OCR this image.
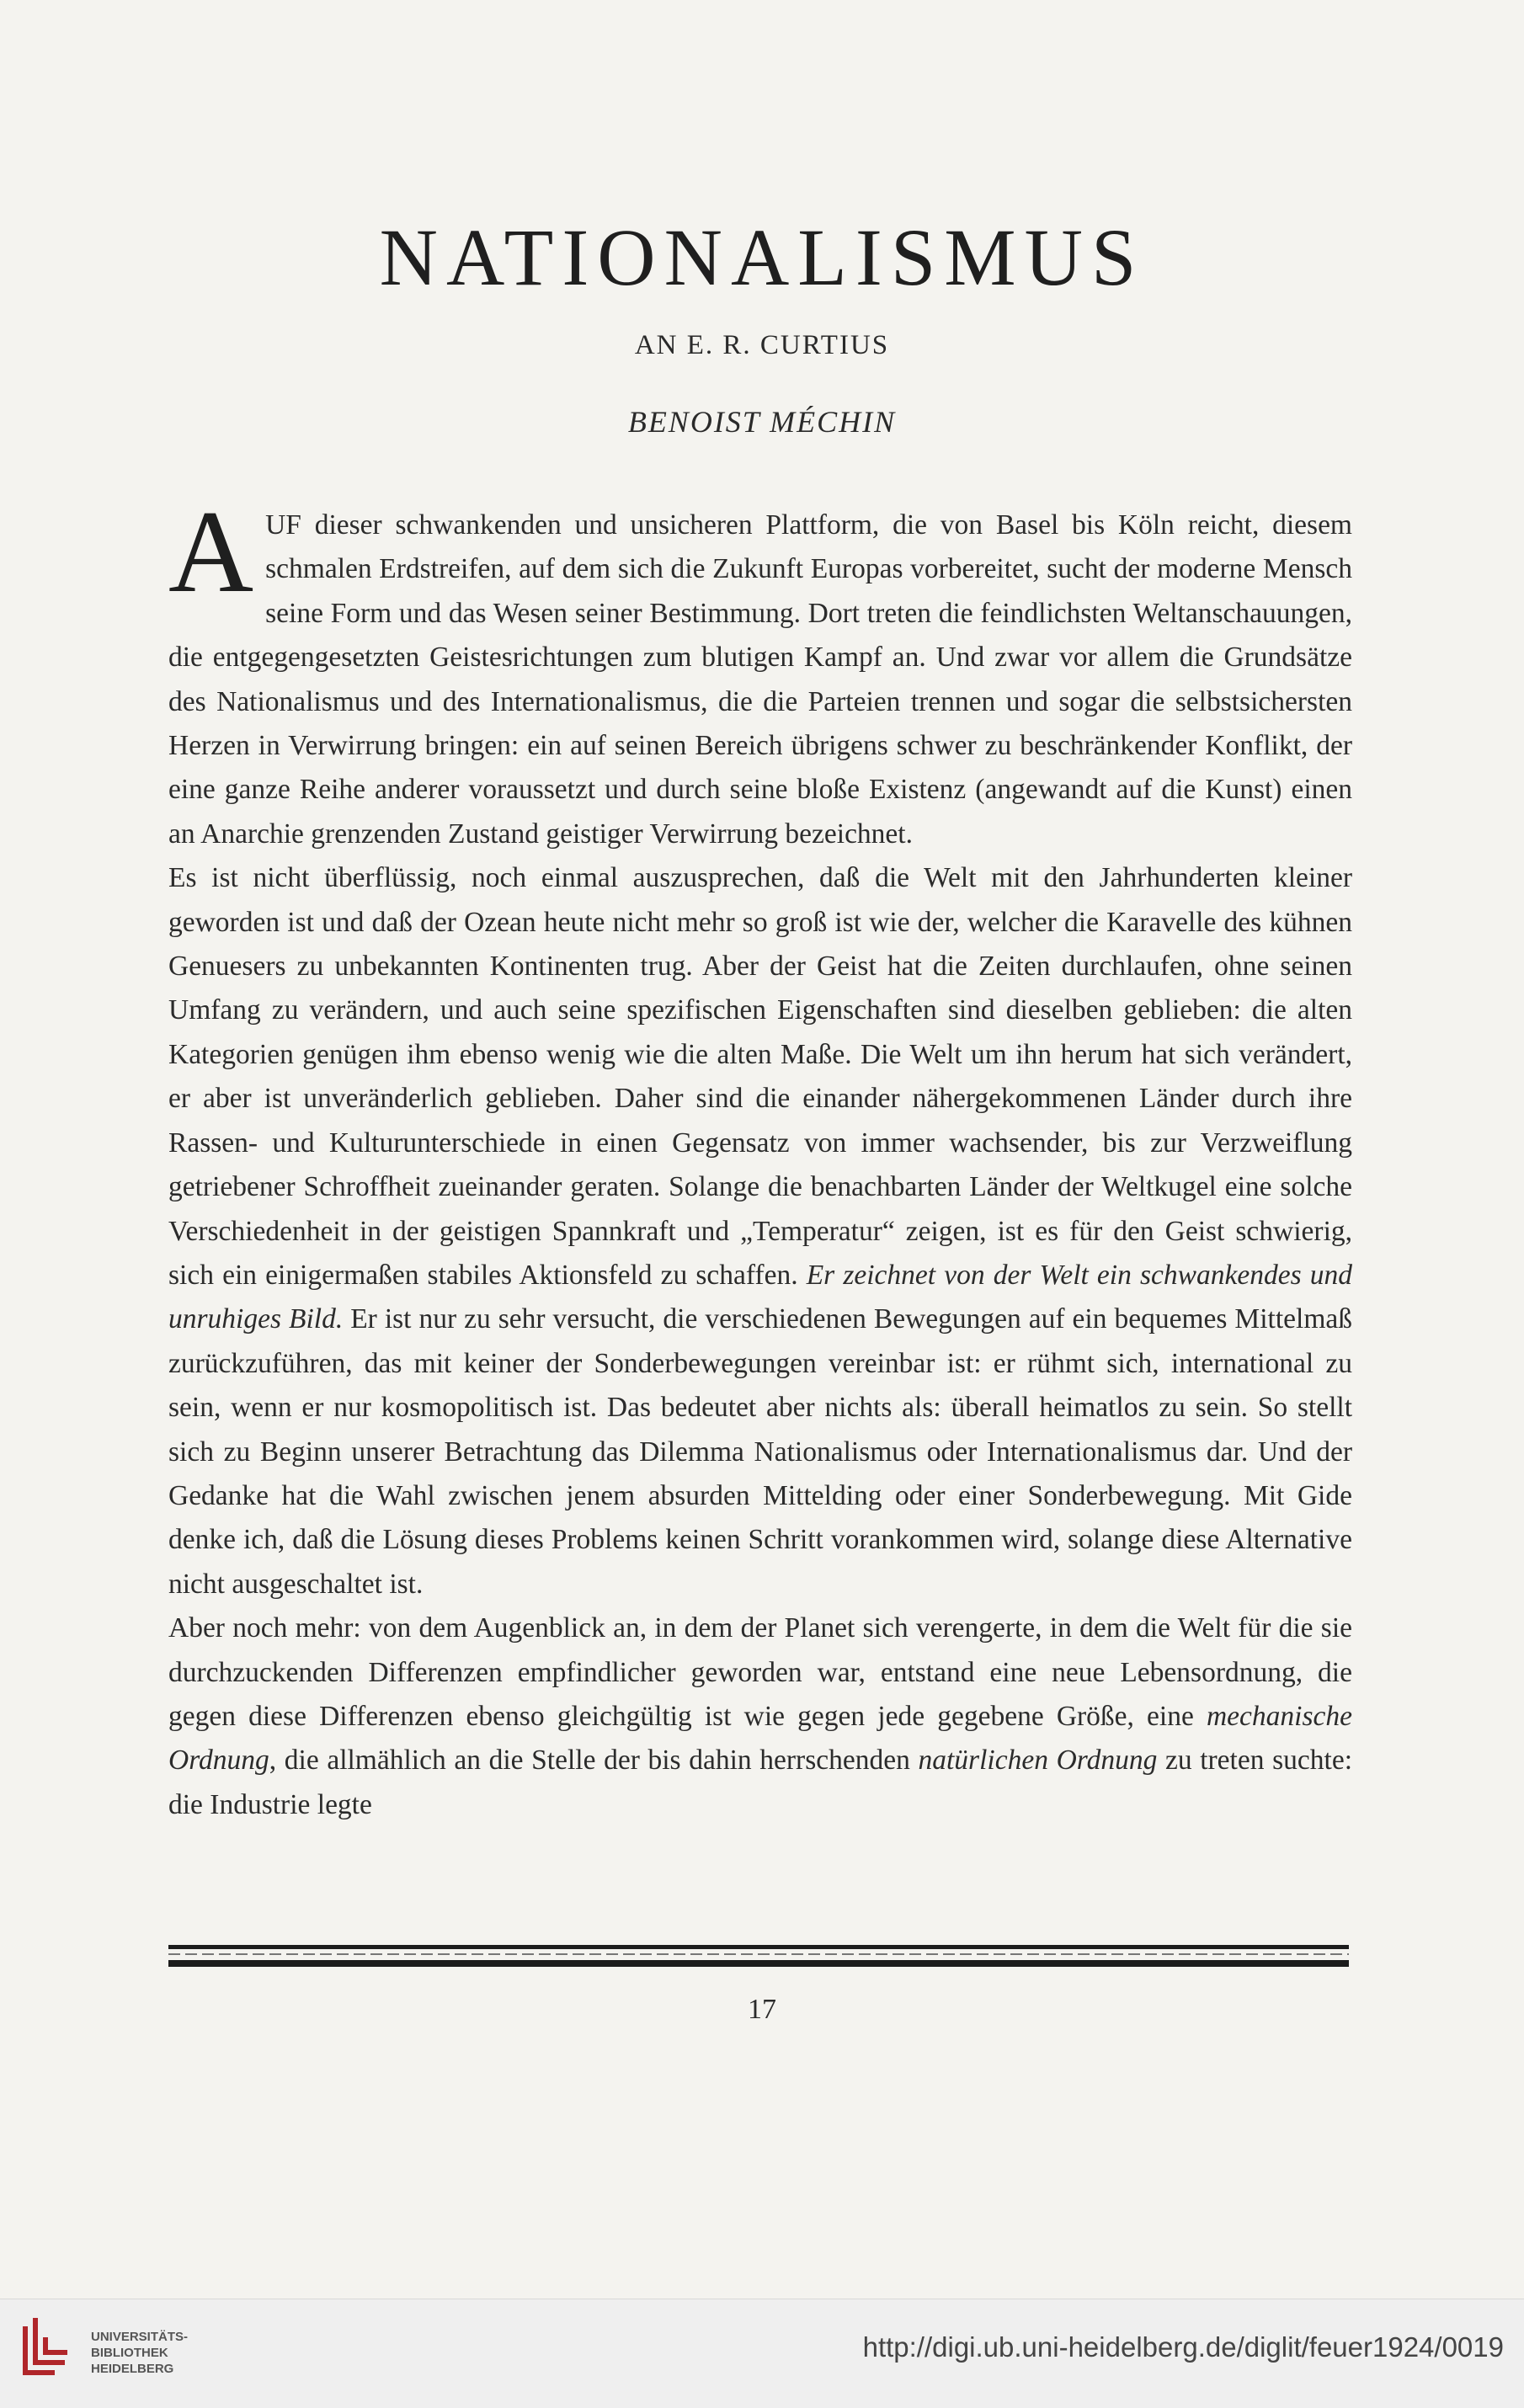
NATIONALISMUS
AN E. R. CURTIUS
BENOIST MÉCHIN

AUF dieser schwankenden und unsicheren Plattform, die von Basel bis Köln reicht, diesem schmalen Erdstreifen, auf dem sich die Zukunft Europas vorbereitet, sucht der moderne Mensch seine Form und das Wesen seiner Bestimmung. Dort treten die feindlichsten Weltanschauungen, die entgegengesetzten Geistesrichtungen zum blutigen Kampf an. Und zwar vor allem die Grundsätze des Nationalismus und des Internationalismus, die die Parteien trennen und sogar die selbstsichersten Herzen in Verwirrung bringen: ein auf seinen Bereich übrigens schwer zu beschränkender Konflikt, der eine ganze Reihe anderer voraussetzt und durch seine bloße Existenz (angewandt auf die Kunst) einen an Anarchie grenzenden Zustand geistiger Verwirrung bezeichnet.

Es ist nicht überflüssig, noch einmal auszusprechen, daß die Welt mit den Jahrhunderten kleiner geworden ist und daß der Ozean heute nicht mehr so groß ist wie der, welcher die Karavelle des kühnen Genuesers zu unbekannten Kontinenten trug. Aber der Geist hat die Zeiten durchlaufen, ohne seinen Umfang zu verändern, und auch seine spezifischen Eigenschaften sind dieselben geblieben: die alten Kategorien genügen ihm ebenso wenig wie die alten Maße. Die Welt um ihn herum hat sich verändert, er aber ist unveränderlich geblieben. Daher sind die einander nähergekommenen Länder durch ihre Rassen- und Kulturunterschiede in einen Gegensatz von immer wachsender, bis zur Verzweiflung getriebener Schroffheit zueinander geraten. Solange die benachbarten Länder der Weltkugel eine solche Verschiedenheit in der geistigen Spannkraft und „Temperatur“ zeigen, ist es für den Geist schwierig, sich ein einigermaßen stabiles Aktionsfeld zu schaffen. Er zeichnet von der Welt ein schwankendes und unruhiges Bild. Er ist nur zu sehr versucht, die verschiedenen Bewegungen auf ein bequemes Mittelmaß zurückzuführen, das mit keiner der Sonderbewegungen vereinbar ist: er rühmt sich, international zu sein, wenn er nur kosmopolitisch ist. Das bedeutet aber nichts als: überall heimatlos zu sein. So stellt sich zu Beginn unserer Betrachtung das Dilemma Nationalismus oder Internationalismus dar. Und der Gedanke hat die Wahl zwischen jenem absurden Mittelding oder einer Sonderbewegung. Mit Gide denke ich, daß die Lösung dieses Problems keinen Schritt vorankommen wird, solange diese Alternative nicht ausgeschaltet ist.

Aber noch mehr: von dem Augenblick an, in dem der Planet sich verengerte, in dem die Welt für die sie durchzuckenden Differenzen empfindlicher geworden war, entstand eine neue Lebensordnung, die gegen diese Differenzen ebenso gleichgültig ist wie gegen jede gegebene Größe, eine mechanische Ordnung, die allmählich an die Stelle der bis dahin herrschenden natürlichen Ordnung zu treten suchte: die Industrie legte

17
UNIVERSITÄTS-
BIBLIOTHEK
HEIDELBERG
http://digi.ub.uni-heidelberg.de/diglit/feuer1924/0019
